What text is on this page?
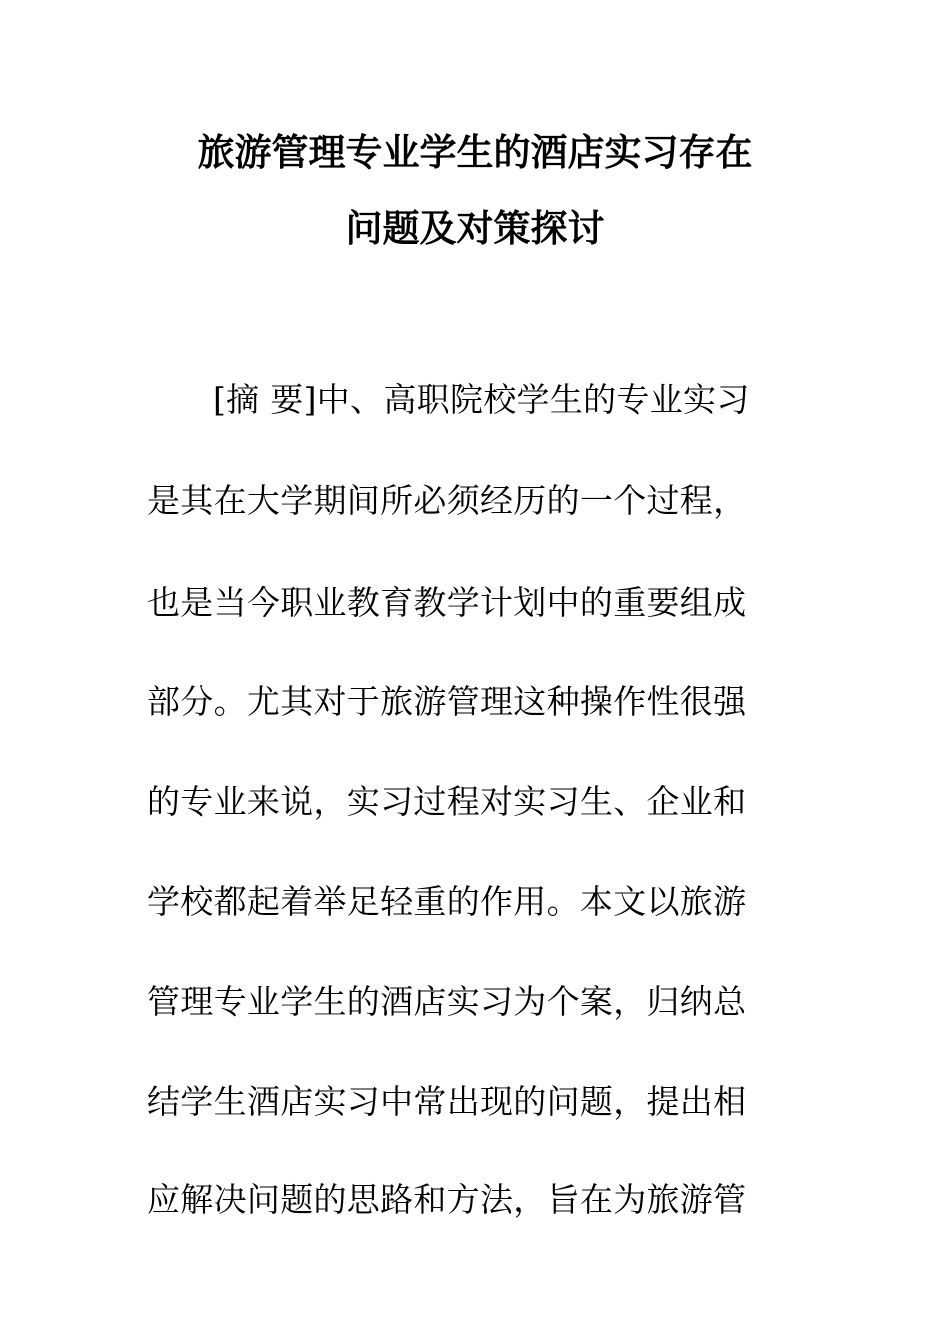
旅游管理专业学生的酒店实习存在
问题及对策探讨
[摘 要]中、高职院校学生的专业实习
是其在大学期间所必须经历的一个过程，
也是当今职业教育教学计划中的重要组成
部分。尤其对于旅游管理这种操作性很强
的专业来说，实习过程对实习生、企业和
学校都起着举足轻重的作用。本文以旅游
管理专业学生的酒店实习为个案，归纳总
结学生酒店实习中常出现的问题，提出相
应解决问题的思路和方法，旨在为旅游管
